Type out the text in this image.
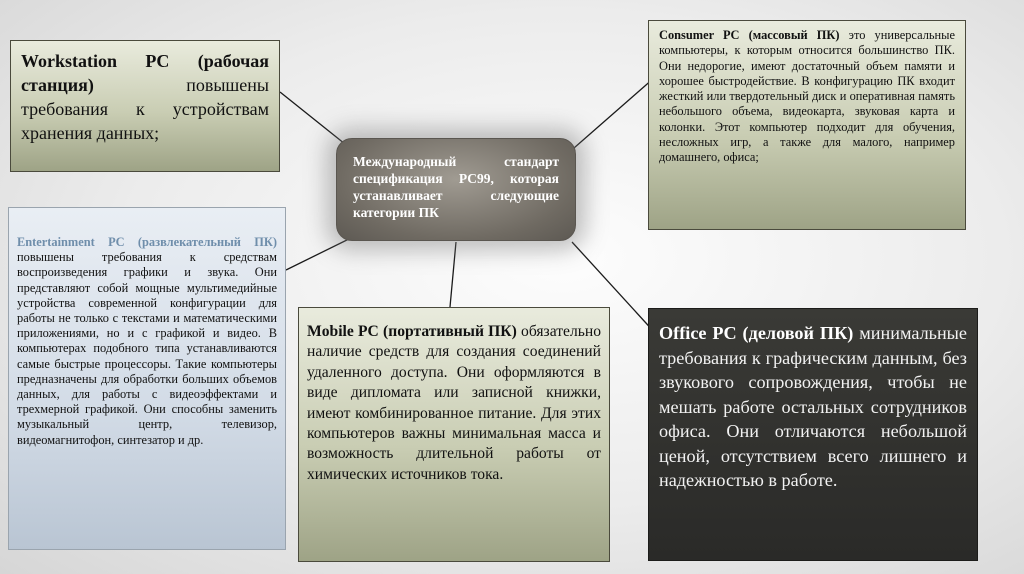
Workstation PC (рабочая станция) повышены требования к устройствам хранения данных;
Consumer PC (массовый ПК) это универсальные компьютеры, к которым относится большинство ПК. Они недорогие, имеют достаточный объем памяти и хорошее быстродействие. В конфигурацию ПК входит жесткий или твердотельный диск и оперативная память небольшого объема, видеокарта, звуковая карта и колонки. Этот компьютер подходит для обучения, несложных игр, а также для малого, например домашнего, офиса;
Entertainment PC (развлекательный ПК) повышены требования к средствам воспроизведения графики и звука. Они представляют собой мощные мультимедийные устройства современной конфигурации для работы не только с текстами и математическими приложениями, но и с графикой и видео. В компьютерах подобного типа устанавливаются самые быстрые процессоры. Такие компьютеры предназначены для обработки больших объемов данных, для работы с видеоэффектами и трехмерной графикой. Они способны заменить музыкальный центр, телевизор, видеомагнитофон, синтезатор и др.
Международный стандарт спецификация РС99, которая устанавливает следующие категории ПК
Mobile PC (портативный ПК) обязательно наличие средств для создания соединений удаленного доступа. Они оформляются в виде дипломата или записной книжки, имеют комбинированное питание. Для этих компьютеров важны минимальная масса и возможность длительной работы от химических источников тока.
Office PC (деловой ПК) минимальные требования к графическим данным, без звукового сопровождения, чтобы не мешать работе остальных сотрудников офиса. Они отличаются небольшой ценой, отсутствием всего лишнего и надежностью в работе.
